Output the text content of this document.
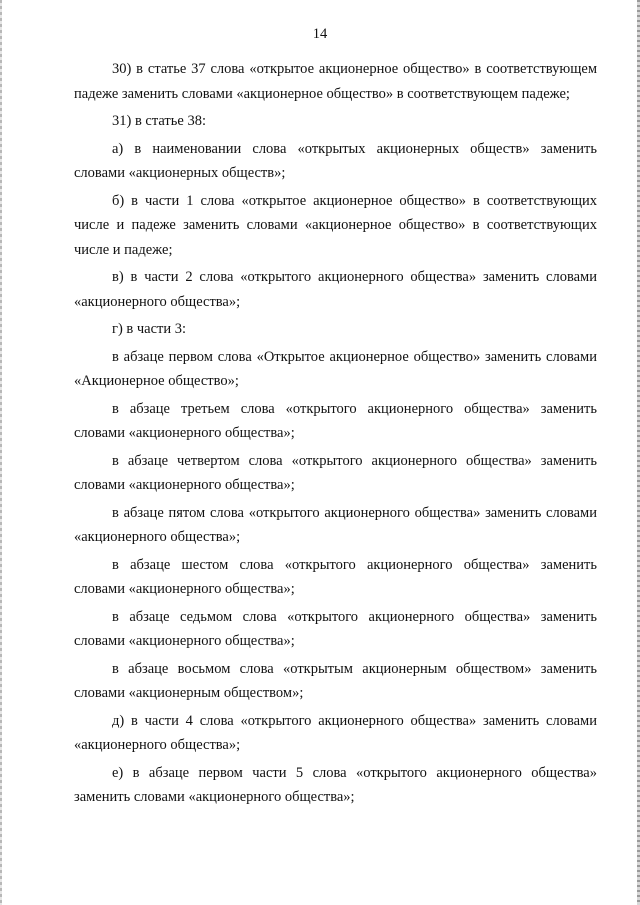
14

30) в статье 37 слова «открытое акционерное общество» в соответствующем падеже заменить словами «акционерное общество» в соответствующем падеже;

31) в статье 38:

а) в наименовании слова «открытых акционерных обществ» заменить словами «акционерных обществ»;

б) в части 1 слова «открытое акционерное общество» в соответствующих числе и падеже заменить словами «акционерное общество» в соответствующих числе и падеже;

в) в части 2 слова «открытого акционерного общества» заменить словами «акционерного общества»;

г) в части 3:

в абзаце первом слова «Открытое акционерное общество» заменить словами «Акционерное общество»;

в абзаце третьем слова «открытого акционерного общества» заменить словами «акционерного общества»;

в абзаце четвертом слова «открытого акционерного общества» заменить словами «акционерного общества»;

в абзаце пятом слова «открытого акционерного общества» заменить словами «акционерного общества»;

в абзаце шестом слова «открытого акционерного общества» заменить словами «акционерного общества»;

в абзаце седьмом слова «открытого акционерного общества» заменить словами «акционерного общества»;

в абзаце восьмом слова «открытым акционерным обществом» заменить словами «акционерным обществом»;

д) в части 4 слова «открытого акционерного общества» заменить словами «акционерного общества»;

е) в абзаце первом части 5 слова «открытого акционерного общества» заменить словами «акционерного общества»;
